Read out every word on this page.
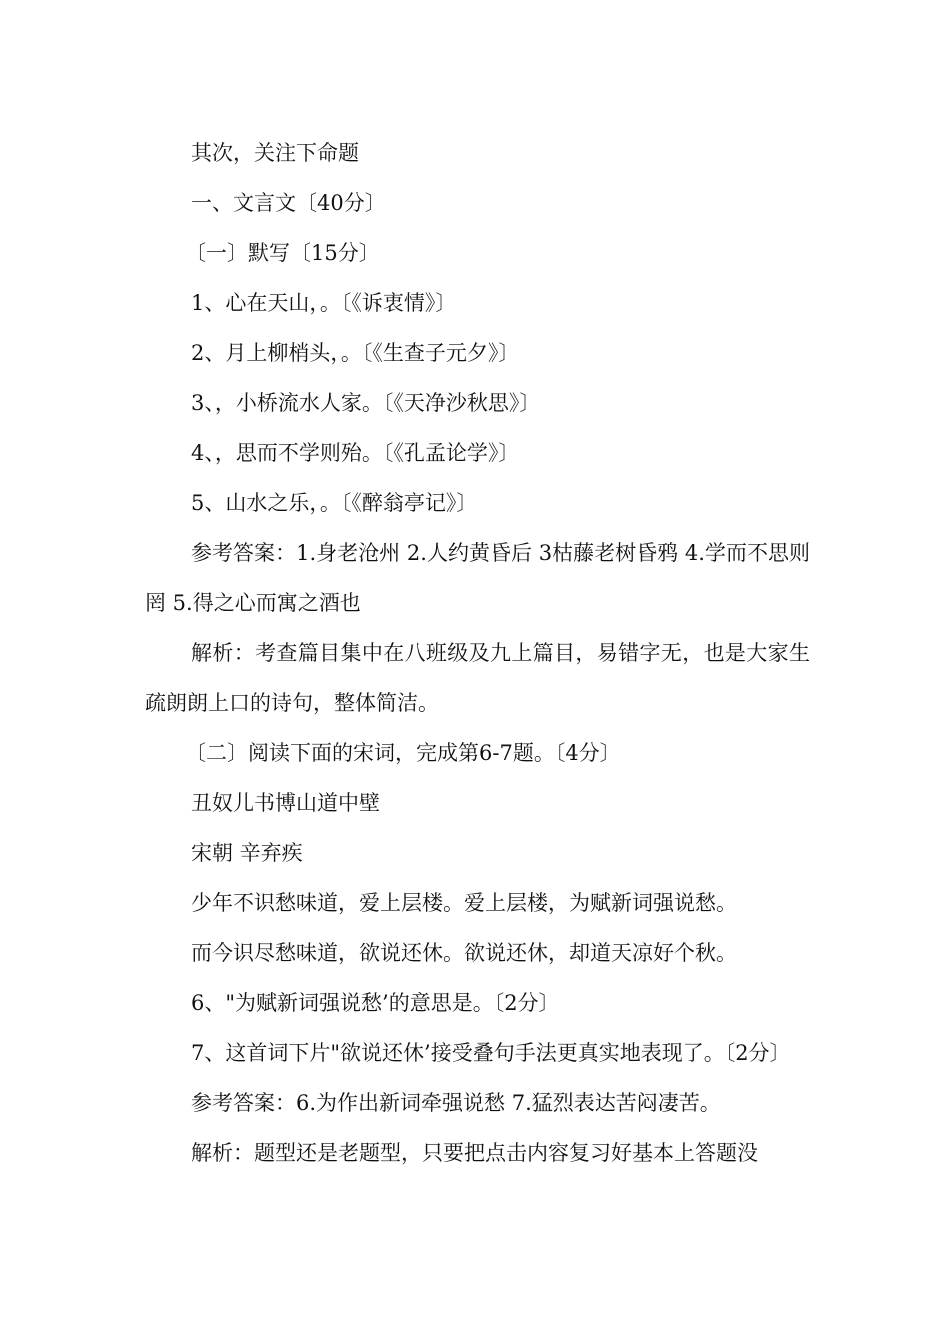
其次，关注下命题
一、文言文〔40分〕
〔一〕默写〔15分〕
1、心在天山，。〔《诉衷情》〕
2、月上柳梢头，。〔《生查子元夕》〕
3、，小桥流水人家。〔《天净沙秋思》〕
4、，思而不学则殆。〔《孔孟论学》〕
5、山水之乐，。〔《醉翁亭记》〕
参考答案：1.身老沧州 2.人约黄昏后 3枯藤老树昏鸦 4.学而不思则罔 5.得之心而寓之酒也
解析：考查篇目集中在八班级及九上篇目，易错字无，也是大家生疏朗朗上口的诗句，整体简洁。
〔二〕阅读下面的宋词，完成第6-7题。〔4分〕
丑奴儿书博山道中壁
宋朝 辛弃疾
少年不识愁味道，爱上层楼。爱上层楼，为赋新词强说愁。
而今识尽愁味道，欲说还休。欲说还休，却道天凉好个秋。
6、"为赋新词强说愁’的意思是。〔2分〕
7、这首词下片"欲说还休’接受叠句手法更真实地表现了。〔2分〕
参考答案：6.为作出新词牵强说愁 7.猛烈表达苦闷凄苦。
解析：题型还是老题型，只要把点击内容复习好基本上答题没
